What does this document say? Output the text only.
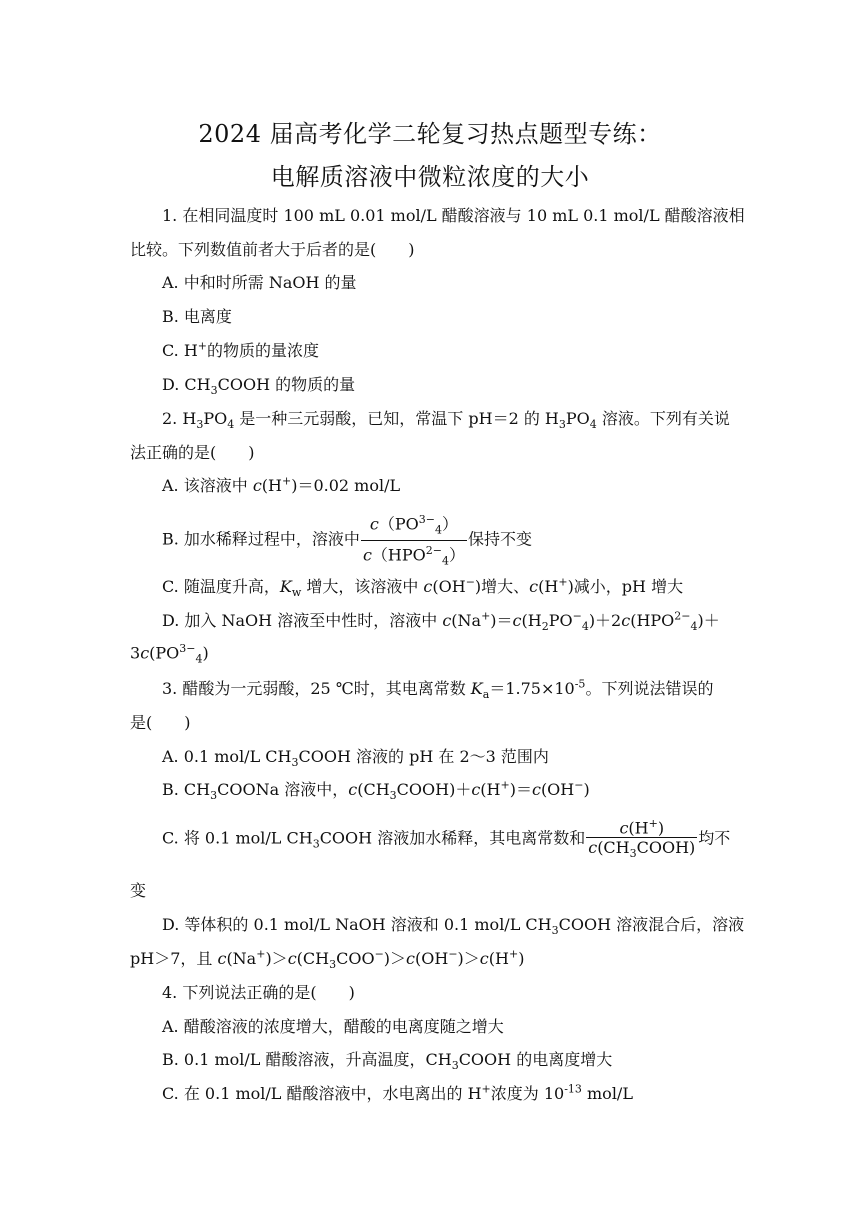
2024 届高考化学二轮复习热点题型专练：
电解质溶液中微粒浓度的大小
1. 在相同温度时 100 mL 0.01 mol/L 醋酸溶液与 10 mL 0.1 mol/L 醋酸溶液相
比较。下列数值前者大于后者的是(　　)
A. 中和时所需 NaOH 的量
B. 电离度
C. H+的物质的量浓度
D. $CH_3COOH$ 的物质的量
2. $H_3PO_4$ 是一种三元弱酸，已知，常温下 pH＝2 的 $H_3PO_4$ 溶液。下列有关说
法正确的是(　　)
A. 该溶液中 c(H+)＝0.02 mol/L
B. 加水稀释过程中，溶液中 $\frac{c(PO^{3-}_4)}{c(HPO^{2-}_4)}$ 保持不变
C. 随温度升高，$K_w$ 增大，该溶液中 c(OH−)增大、c(H+)减小，pH 增大
D. 加入 NaOH 溶液至中性时，溶液中 $c(Na^+)=c(H_2PO^-_4)+2c(HPO^{2-}_4)+$
$3c(PO^{3-}_4)$
3. 醋酸为一元弱酸，25 ℃时，其电离常数 $K_a=1.75\times 10^{-5}$。下列说法错误的
是(　　)
A. 0.1 mol/L $CH_3COOH$ 溶液的 pH 在 2～3 范围内
B. $CH_3COONa$ 溶液中，$c(CH_3COOH)+c(H^+)=c(OH^-)$
C. 将 0.1 mol/L $CH_3COOH$ 溶液加水稀释，其电离常数和 $\frac{c(H^+)}{c(CH_3COOH)}$ 均不
变
D. 等体积的 0.1 mol/L NaOH 溶液和 0.1 mol/L $CH_3COOH$ 溶液混合后，溶液
pH＞7，且 $c(Na^+)>c(CH_3COO^-)>c(OH^-)>c(H^+)$
4. 下列说法正确的是(　　)
A. 醋酸溶液的浓度增大，醋酸的电离度随之增大
B. 0.1 mol/L 醋酸溶液，升高温度，$CH_3COOH$ 的电离度增大
C. 在 0.1 mol/L 醋酸溶液中，水电离出的 H+浓度为 $10^{-13}$ mol/L
